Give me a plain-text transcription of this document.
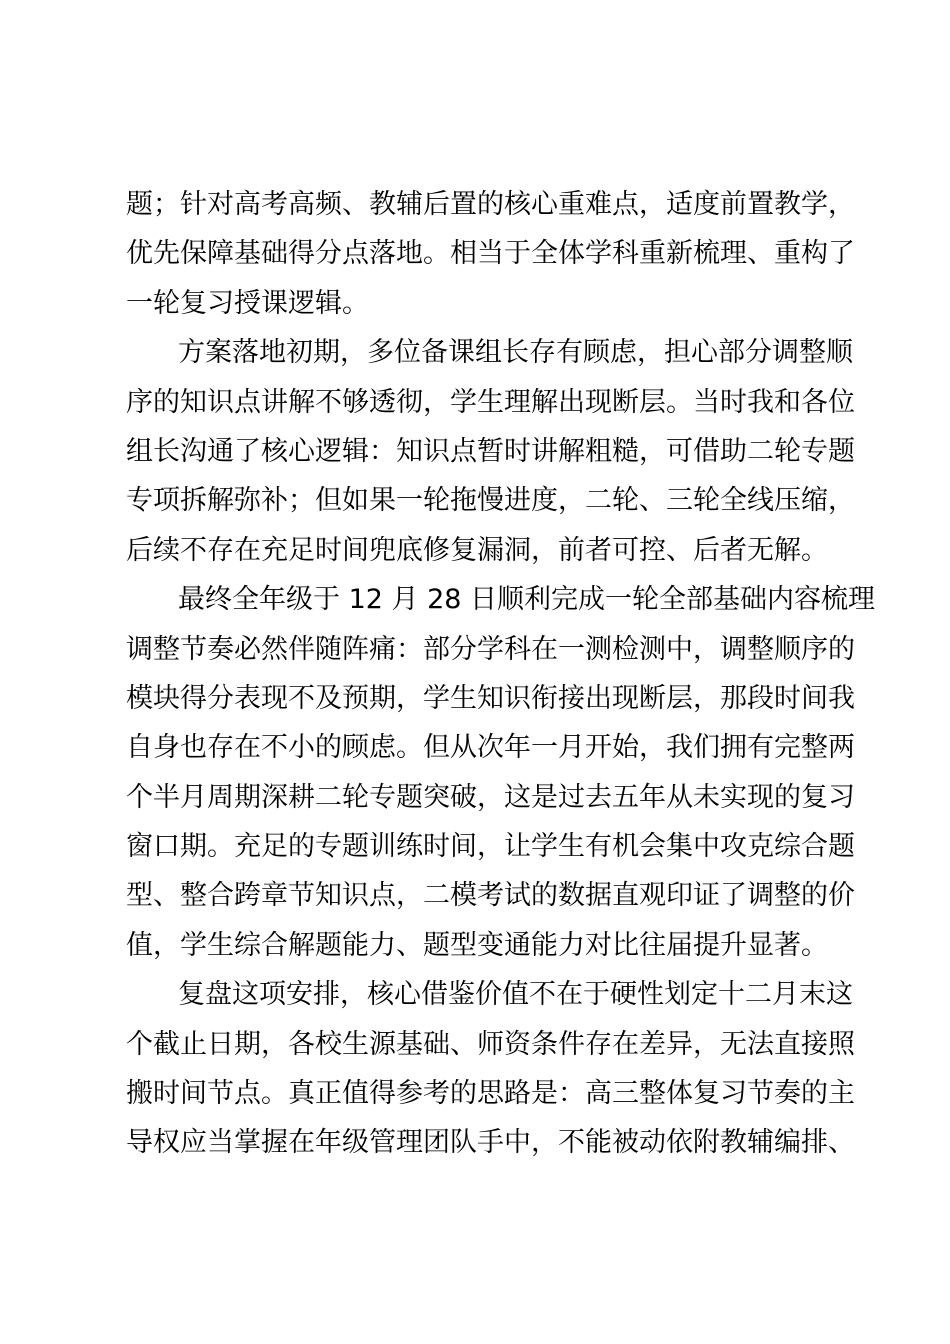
题；针对高考高频、教辅后置的核心重难点，适度前置教学，
优先保障基础得分点落地。相当于全体学科重新梳理、重构了
一轮复习授课逻辑。
方案落地初期，多位备课组长存有顾虑，担心部分调整顺
序的知识点讲解不够透彻，学生理解出现断层。当时我和各位
组长沟通了核心逻辑：知识点暂时讲解粗糙，可借助二轮专题
专项拆解弥补；但如果一轮拖慢进度，二轮、三轮全线压缩，
后续不存在充足时间兜底修复漏洞，前者可控、后者无解。
最终全年级于 12 月 28 日顺利完成一轮全部基础内容梳理
调整节奏必然伴随阵痛：部分学科在一测检测中，调整顺序的
模块得分表现不及预期，学生知识衔接出现断层，那段时间我
自身也存在不小的顾虑。但从次年一月开始，我们拥有完整两
个半月周期深耕二轮专题突破，这是过去五年从未实现的复习
窗口期。充足的专题训练时间，让学生有机会集中攻克综合题
型、整合跨章节知识点，二模考试的数据直观印证了调整的价
值，学生综合解题能力、题型变通能力对比往届提升显著。
复盘这项安排，核心借鉴价值不在于硬性划定十二月末这
个截止日期，各校生源基础、师资条件存在差异，无法直接照
搬时间节点。真正值得参考的思路是：高三整体复习节奏的主
导权应当掌握在年级管理团队手中，不能被动依附教辅编排、
